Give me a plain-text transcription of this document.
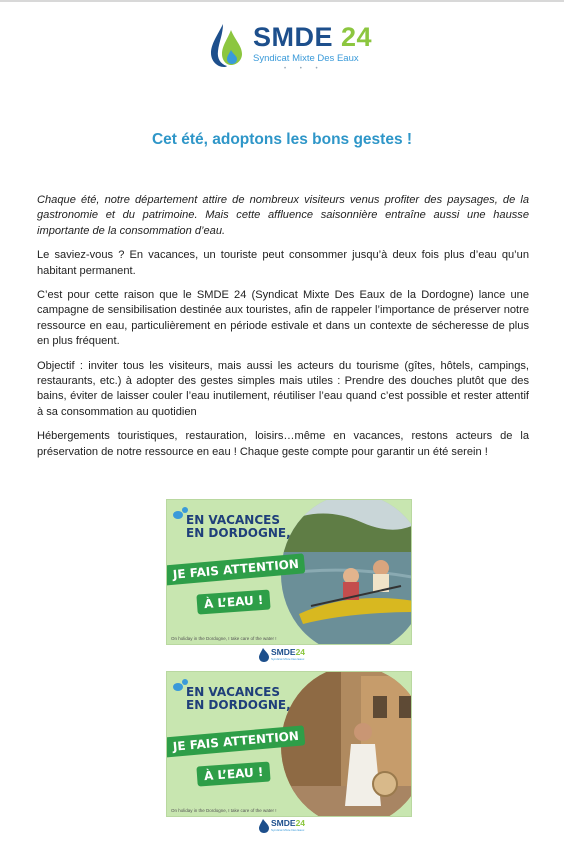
SMDE 24
Syndicat Mixte Des Eaux
• • •
Cet été, adoptons les bons gestes !

Chaque été, notre département attire de nombreux visiteurs venus profiter des paysages, de la gastronomie et du patrimoine. Mais cette affluence saisonnière entraîne aussi une hausse importante de la consommation d’eau.

Le saviez-vous ? En vacances, un touriste peut consommer jusqu’à deux fois plus d’eau qu’un habitant permanent.

C’est pour cette raison que le SMDE 24 (Syndicat Mixte Des Eaux de la Dordogne) lance une campagne de sensibilisation destinée aux touristes, afin de rappeler l’importance de préserver notre ressource en eau, particulièrement en période estivale et dans un contexte de sécheresse de plus en plus fréquent.

Objectif : inviter tous les visiteurs, mais aussi les acteurs du tourisme (gîtes, hôtels, campings, restaurants, etc.) à adopter des gestes simples mais utiles : Prendre des douches plutôt que des bains, éviter de laisser couler l’eau inutilement, réutiliser l’eau quand c’est possible et rester attentif à sa consommation au quotidien

Hébergements touristiques, restauration, loisirs…même en vacances, restons acteurs de la préservation de notre ressource en eau ! Chaque geste compte pour garantir un été serein !

EN VACANCES
EN DORDOGNE,
JE FAIS ATTENTION
À L’EAU !
On holiday in the Dordogne, I take care of the water !
SMDE24
Syndicat Mixte Des Eaux
EN VACANCES
EN DORDOGNE,
JE FAIS ATTENTION
À L’EAU !
On holiday in the Dordogne, I take care of the water !
SMDE24
Syndicat Mixte Des Eaux
